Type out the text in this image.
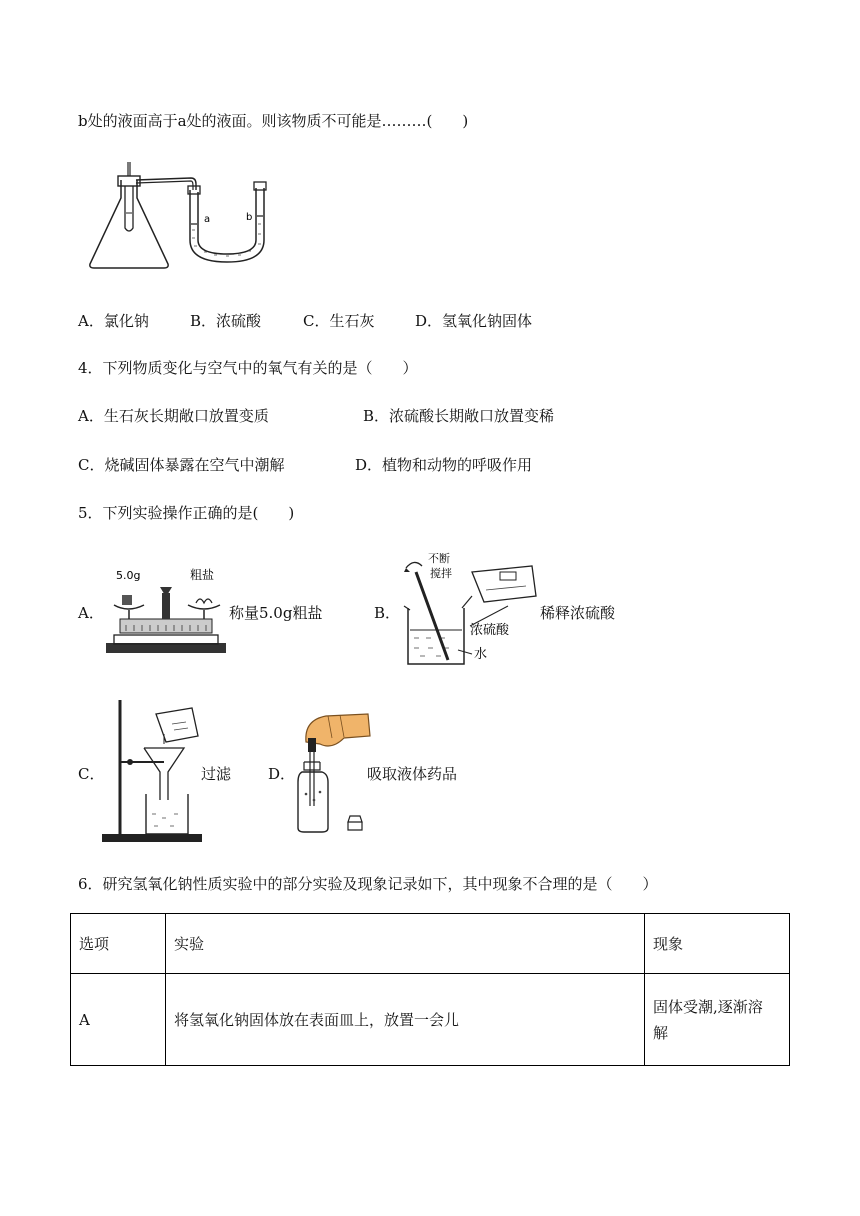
b处的液面高于a处的液面。则该物质不可能是………(　　)
a	b
A．氯化钠	B．浓硫酸	C．生石灰	D．氢氧化钠固体
4．下列物质变化与空气中的氧气有关的是（　　）
A．生石灰长期敞口放置变质	B．浓硫酸长期敞口放置变稀
C．烧碱固体暴露在空气中潮解	D．植物和动物的呼吸作用
5．下列实验操作正确的是(　　)
A．
5.0g	粗盐
称量5.0g粗盐	B．
不断
搅拌
浓硫酸
水
稀释浓硫酸
C．	过滤 D．	吸取液体药品
6．研究氢氧化钠性质实验中的部分实验及现象记录如下，其中现象不合理的是（　　）
选项	实验	现象
A	将氢氧化钠固体放在表面皿上，放置一会儿	固体受潮,逐渐溶
解
